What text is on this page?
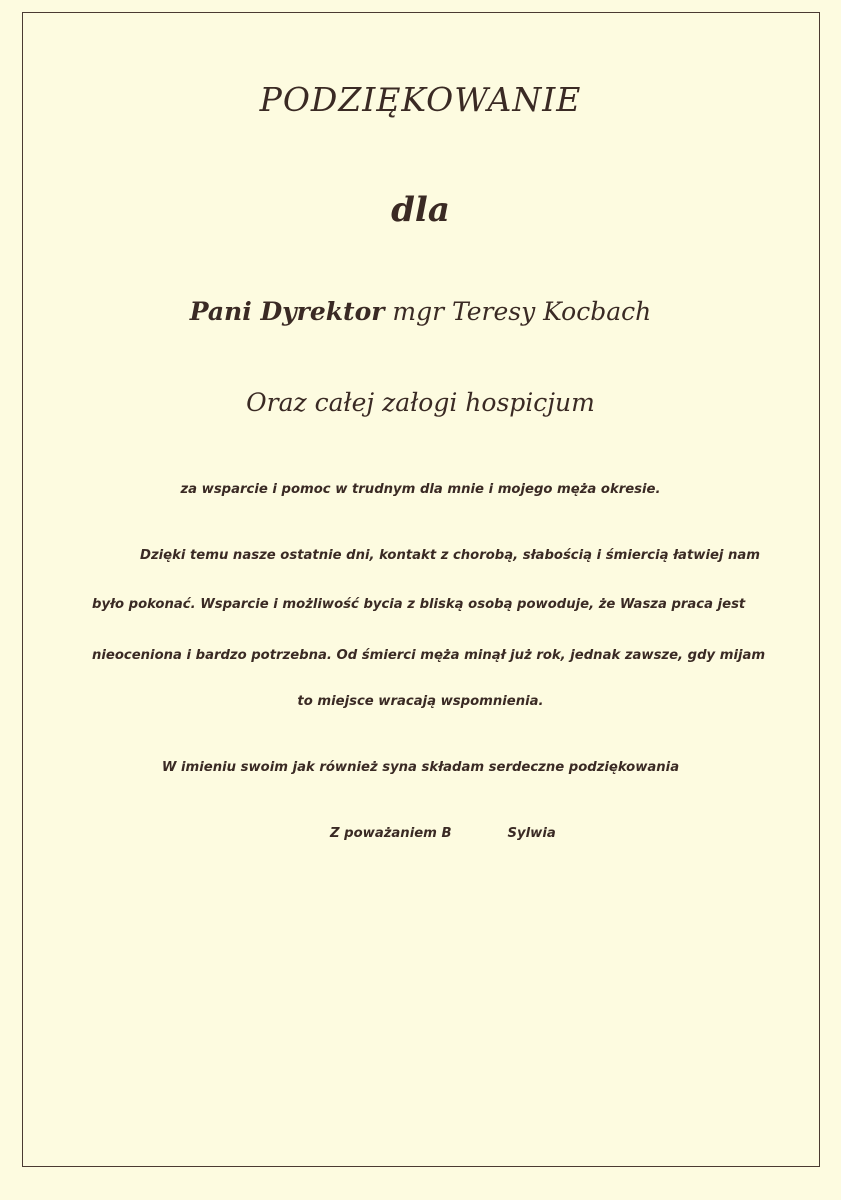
PODZIĘKOWANIE
dla
Pani Dyrektor mgr Teresy Kocbach
Oraz całej załogi hospicjum
za wsparcie i pomoc w trudnym dla mnie i mojego męża okresie.
Dzięki temu nasze ostatnie dni, kontakt z chorobą, słabością i śmiercią łatwiej nam
było pokonać. Wsparcie i możliwość bycia z bliską osobą powoduje, że Wasza praca jest
nieoceniona i bardzo potrzebna. Od śmierci męża minął już rok, jednak zawsze, gdy mijam
to miejsce wracają wspomnienia.
W imieniu swoim jak również syna składam serdeczne podziękowania
Z poważaniem B	Sylwia
